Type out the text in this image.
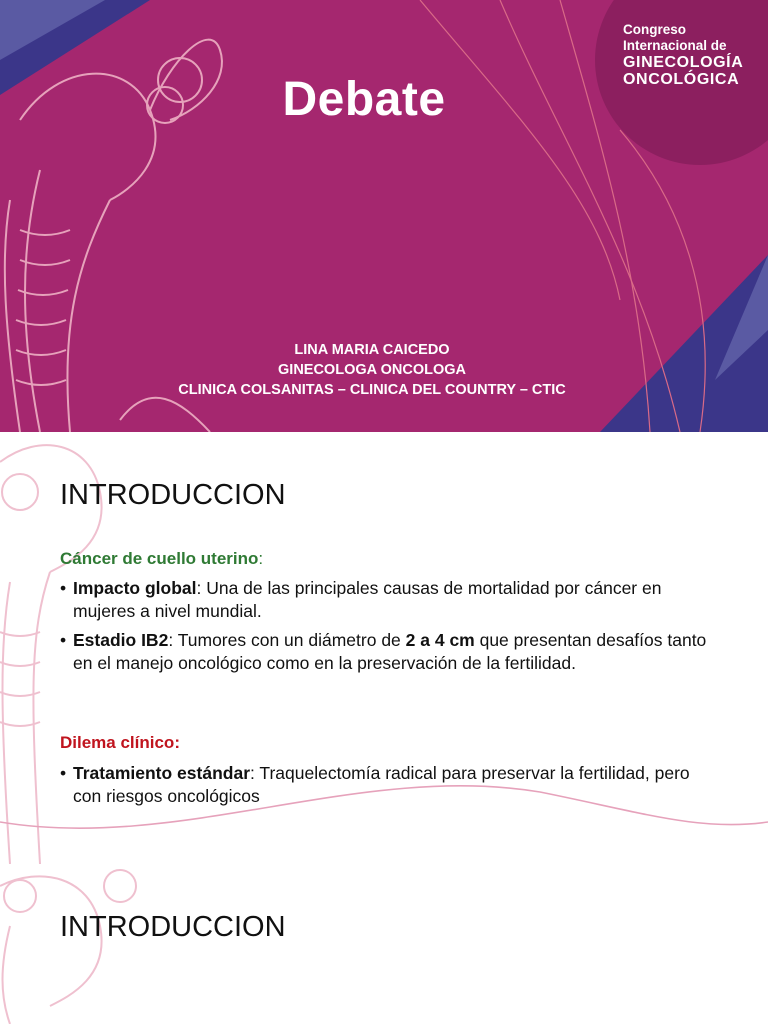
Debate
LINA MARIA CAICEDO
GINECOLOGA ONCOLOGA
CLINICA COLSANITAS – CLINICA DEL COUNTRY – CTIC
Congreso
Internacional de
GINECOLOGÍA
ONCOLÓGICA
INTRODUCCION
Cáncer de cuello uterino:
• Impacto global: Una de las principales causas de mortalidad por cáncer en mujeres a nivel mundial.
• Estadio IB2: Tumores con un diámetro de 2 a 4 cm que presentan desafíos tanto en el manejo oncológico como en la preservación de la fertilidad.
Dilema clínico:
• Tratamiento estándar: Traquelectomía radical para preservar la fertilidad, pero con riesgos oncológicos
INTRODUCCION
